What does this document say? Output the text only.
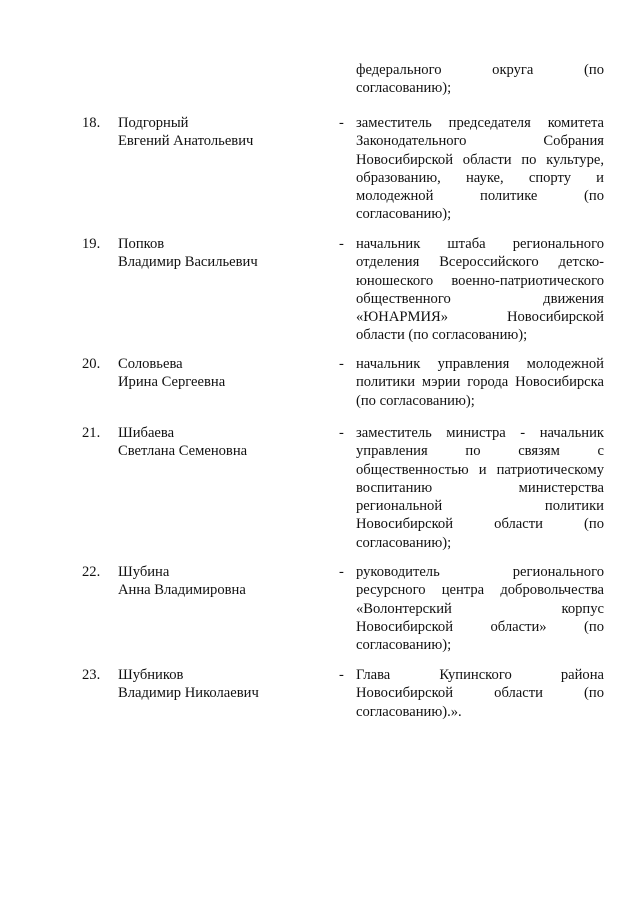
федерального округа (по
согласованию);
18. Подгорный
Евгений Анатольевич
- заместитель председателя комитета
Законодательного Собрания
Новосибирской области по культуре,
образованию, науке, спорту и
молодежной политике (по
согласованию);
19. Попков
Владимир Васильевич
- начальник штаба регионального
отделения Всероссийского детско-
юношеского военно-патриотического
общественного движения
«ЮНАРМИЯ» Новосибирской
области (по согласованию);
20. Соловьева
Ирина Сергеевна
- начальник управления молодежной
политики мэрии города Новосибирска
(по согласованию);
21. Шибаева
Светлана Семеновна
- заместитель министра - начальник
управления по связям с
общественностью и патриотическому
воспитанию министерства
региональной политики
Новосибирской области (по
согласованию);
22. Шубина
Анна Владимировна
- руководитель регионального
ресурсного центра добровольчества
«Волонтерский корпус
Новосибирской области» (по
согласованию);
23. Шубников
Владимир Николаевич
- Глава Купинского района
Новосибирской области (по
согласованию).».
